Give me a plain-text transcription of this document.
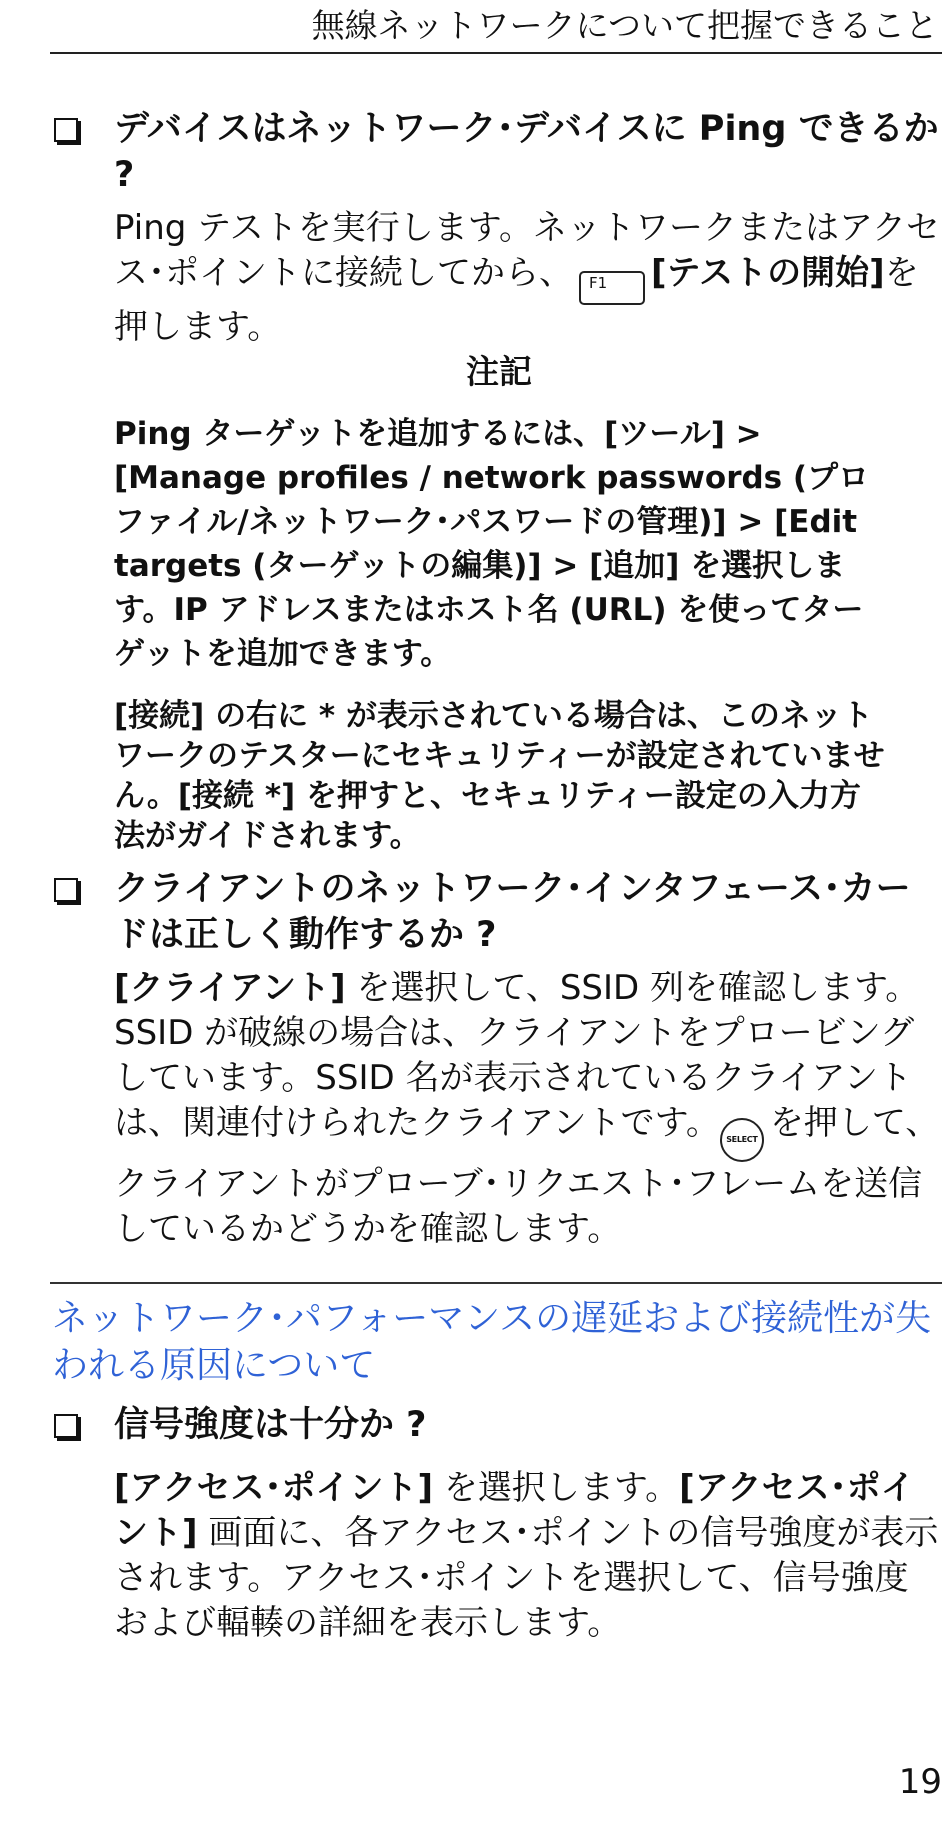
無線ネットワークについて把握できること
デバイスはネットワーク･デバイスに Ping できるか ?
Ping テストを実行します。ネットワークまたはアクセス･ポイントに接続してから、 F1 [テストの開始]を押します。
注記
Ping ターゲットを追加するには、[ツール] > [Manage profiles / network passwords (プロファイル/ネットワーク･パスワードの管理)] > [Edit targets (ターゲットの編集)] > [追加] を選択します。IP アドレスまたはホスト名 (URL) を使ってターゲットを追加できます。
[接続] の右に * が表示されている場合は、このネットワークのテスターにセキュリティーが設定されていません。[接続 *] を押すと、セキュリティー設定の入力方法がガイドされます。
クライアントのネットワーク･インタフェース･カードは正しく動作するか ?
[クライアント] を選択して、SSID 列を確認します。SSID が破線の場合は、クライアントをプロービングしています。SSID 名が表示されているクライアントは、関連付けられたクライアントです。 SELECT を押して、クライアントがプローブ･リクエスト･フレームを送信しているかどうかを確認します。
ネットワーク･パフォーマンスの遅延および接続性が失われる原因について
信号強度は十分か ?
[アクセス･ポイント] を選択します。[アクセス･ポイント] 画面に、各アクセス･ポイントの信号強度が表示されます。アクセス･ポイントを選択して、信号強度および輻輳の詳細を表示します。
19
